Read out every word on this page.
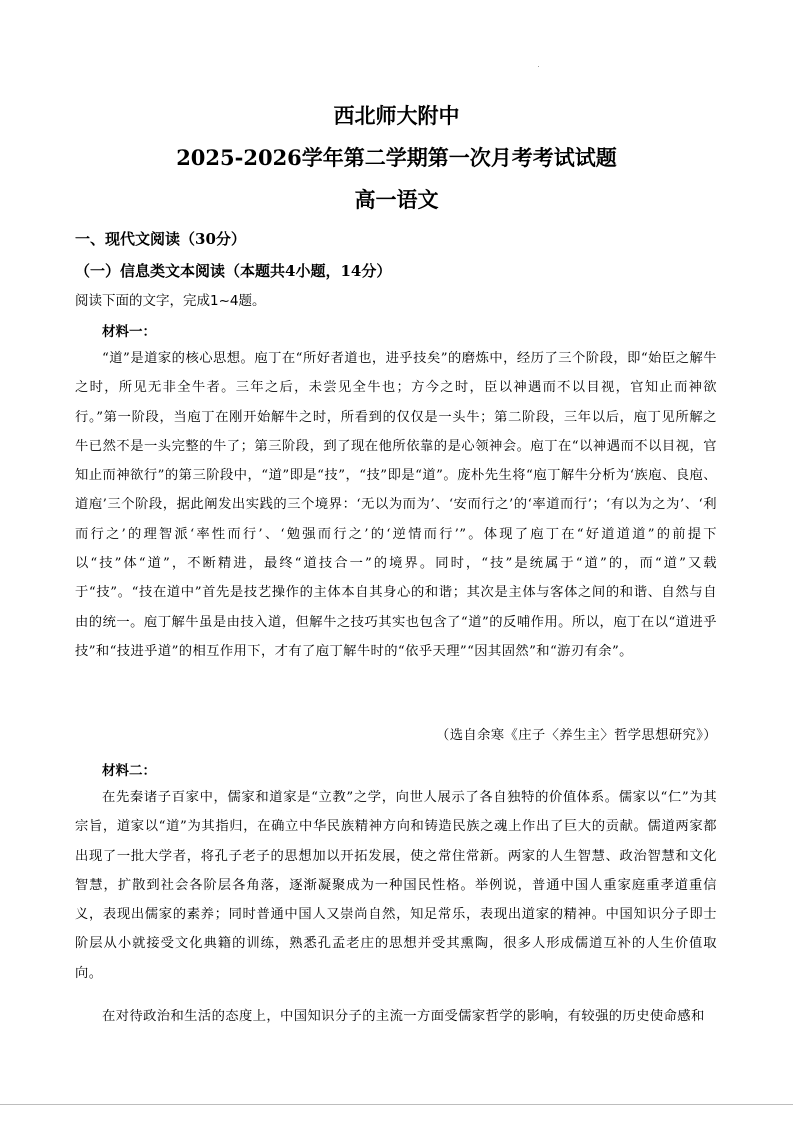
西北师大附中
2025-2026学年第二学期第一次月考考试试题
高一语文
一、现代文阅读（30分）
（一）信息类文本阅读（本题共4小题，14分）
阅读下面的文字，完成1~4题。
材料一：

“道”是道家的核心思想。庖丁在“所好者道也，进乎技矣”的磨炼中，经历了三个阶段，即“始臣之解牛之时，所见无非全牛者。三年之后，未尝见全牛也；方今之时，臣以神遇而不以目视，官知止而神欲行。”第一阶段，当庖丁在刚开始解牛之时，所看到的仅仅是一头牛；第二阶段，三年以后，庖丁见所解之牛已然不是一头完整的牛了；第三阶段，到了现在他所依靠的是心领神会。庖丁在“以神遇而不以目视，官知止而神欲行”的第三阶段中，“道”即是“技”，“技”即是“道”。庞朴先生将“庖丁解牛分析为‘族庖、良庖、道庖’三个阶段，据此阐发出实践的三个境界：‘无以为而为’、‘安而行之’的‘率道而行’；‘有以为之为’、‘利而行之’的理智派‘率性而行’、‘勉强而行之’的‘逆情而行’”。体现了庖丁在“好道道道”的前提下以“技”体“道”，不断精进，最终“道技合一”的境界。同时，“技”是统属于“道”的，而“道”又载于“技”。“技在道中”首先是技艺操作的主体本自其身心的和谐；其次是主体与客体之间的和谐、自然与自由的统一。庖丁解牛虽是由技入道，但解牛之技巧其实也包含了“道”的反哺作用。所以，庖丁在以“道进乎技”和“技进乎道”的相互作用下，才有了庖丁解牛时的“依乎天理”“因其固然”和“游刃有余”。

（选自余寒《庄子〈养生主〉哲学思想研究》）
材料二：

在先秦诸子百家中，儒家和道家是“立教”之学，向世人展示了各自独特的价值体系。儒家以“仁”为其宗旨，道家以“道”为其指归，在确立中华民族精神方向和铸造民族之魂上作出了巨大的贡献。儒道两家都出现了一批大学者，将孔子老子的思想加以开拓发展，使之常住常新。两家的人生智慧、政治智慧和文化智慧，扩散到社会各阶层各角落，逐渐凝聚成为一种国民性格。举例说，普通中国人重家庭重孝道重信义，表现出儒家的素养；同时普通中国人又崇尚自然，知足常乐，表现出道家的精神。中国知识分子即士阶层从小就接受文化典籍的训练，熟悉孔孟老庄的思想并受其熏陶，很多人形成儒道互补的人生价值取向。

在对待政治和生活的态度上，中国知识分子的主流一方面受儒家哲学的影响，有较强的历史使命感和
